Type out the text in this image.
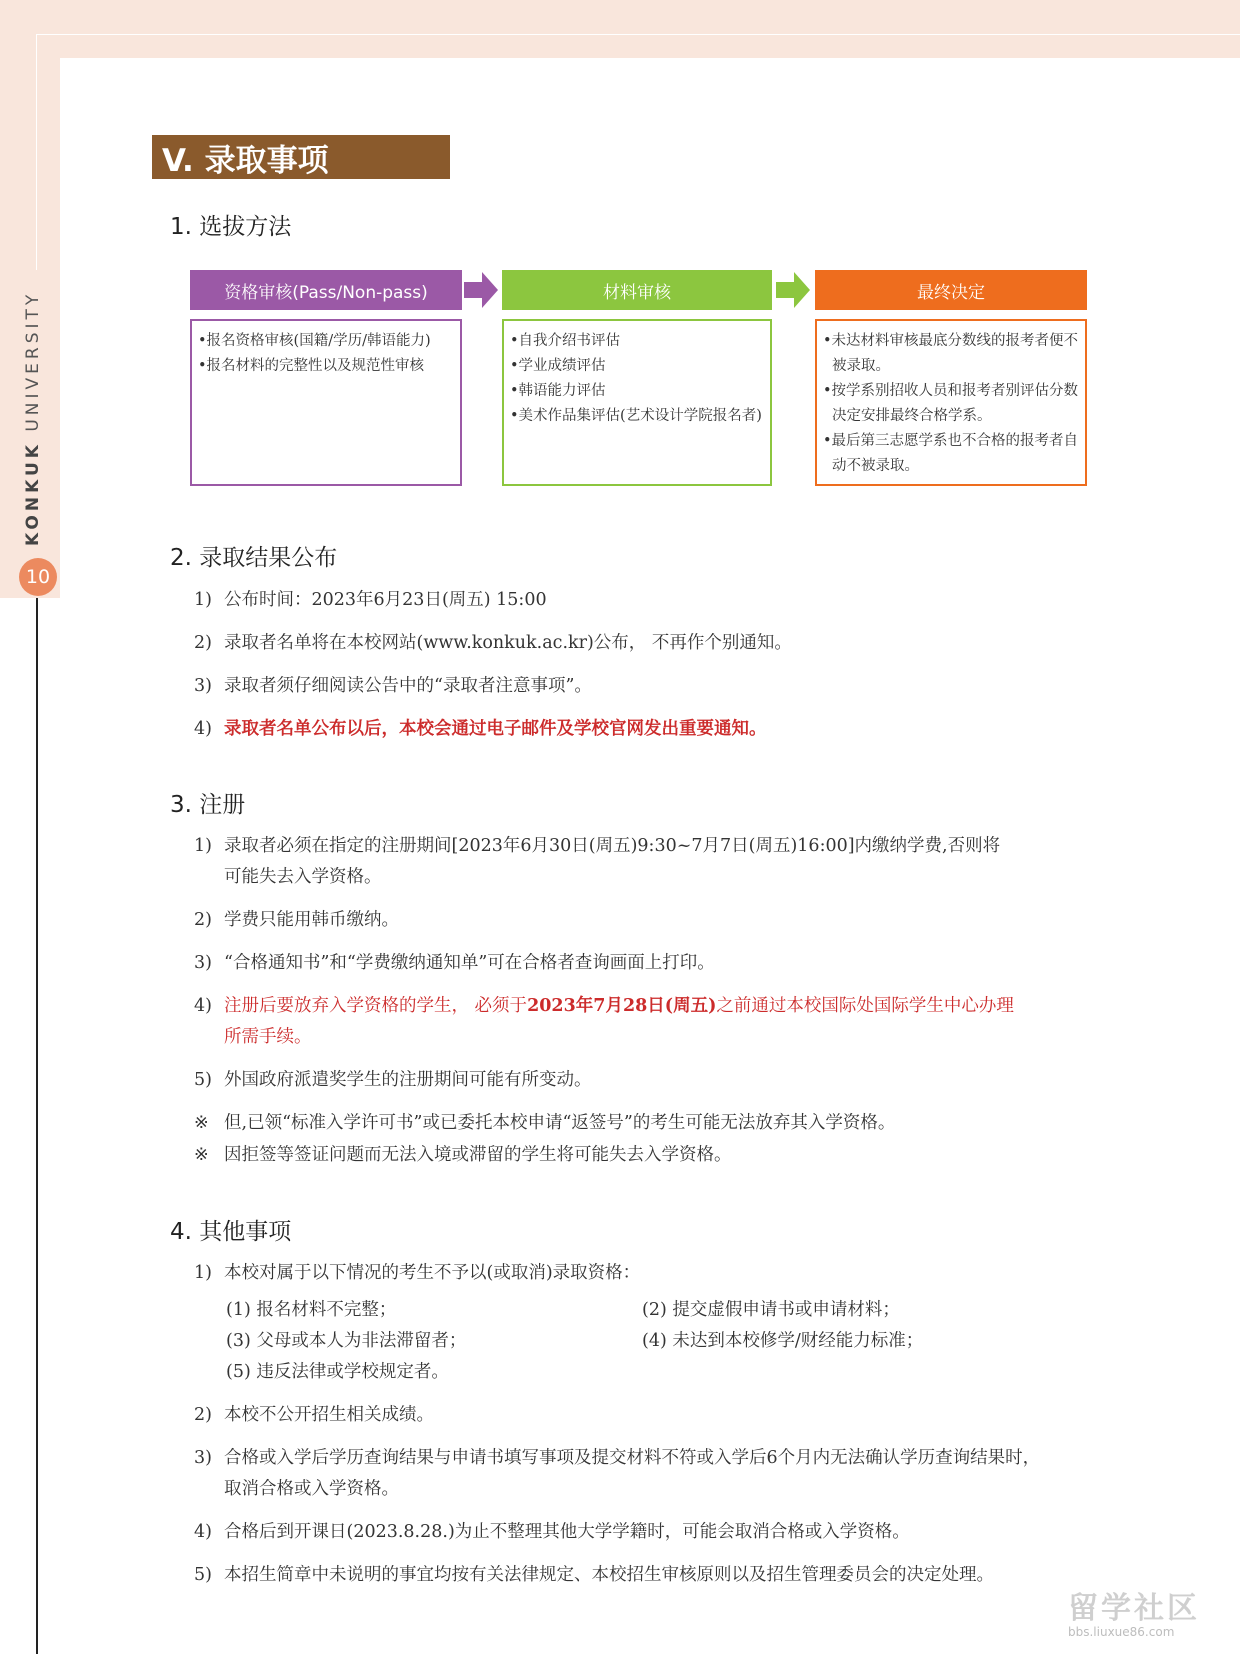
KONKUK UNIVERSITY
10
V. 录取事项
1. 选拔方法
资格审核(Pass/Non-pass)	材料审核	最终决定
•报名资格审核(国籍/学历/韩语能力)
•报名材料的完整性以及规范性审核
•自我介绍书评估
•学业成绩评估
•韩语能力评估
•美术作品集评估(艺术设计学院报名者)
•未达材料审核最底分数线的报考者便不被录取。
•按学系别招收人员和报考者别评估分数决定安排最终合格学系。
•最后第三志愿学系也不合格的报考者自动不被录取。
2. 录取结果公布
1) 公布时间：2023年6月23日(周五) 15:00
2) 录取者名单将在本校网站(www.konkuk.ac.kr)公布， 不再作个别通知。
3) 录取者须仔细阅读公告中的“录取者注意事项”。
4) 录取者名单公布以后，本校会通过电子邮件及学校官网发出重要通知。
3. 注册
1) 录取者必须在指定的注册期间[2023年6月30日(周五)9:30~7月7日(周五)16:00]内缴纳学费,否则将
可能失去入学资格。
2) 学费只能用韩币缴纳。
3) “合格通知书”和“学费缴纳通知单”可在合格者查询画面上打印。
4) 注册后要放弃入学资格的学生， 必须于2023年7月28日(周五)之前通过本校国际处国际学生中心办理
所需手续。
5) 外国政府派遣奖学生的注册期间可能有所变动。
※ 但,已领“标准入学许可书”或已委托本校申请“返签号”的考生可能无法放弃其入学资格。
※ 因拒签等签证问题而无法入境或滞留的学生将可能失去入学资格。
4. 其他事项
1) 本校对属于以下情况的考生不予以(或取消)录取资格：
(1) 报名材料不完整；	(2) 提交虚假申请书或申请材料；
(3) 父母或本人为非法滞留者；	(4) 未达到本校修学/财经能力标准；
(5) 违反法律或学校规定者。
2) 本校不公开招生相关成绩。
3) 合格或入学后学历查询结果与申请书填写事项及提交材料不符或入学后6个月内无法确认学历查询结果时，
取消合格或入学资格。
4) 合格后到开课日(2023.8.28.)为止不整理其他大学学籍时，可能会取消合格或入学资格。
5) 本招生简章中未说明的事宜均按有关法律规定、本校招生审核原则以及招生管理委员会的决定处理。
留学社区
bbs.liuxue86.com
